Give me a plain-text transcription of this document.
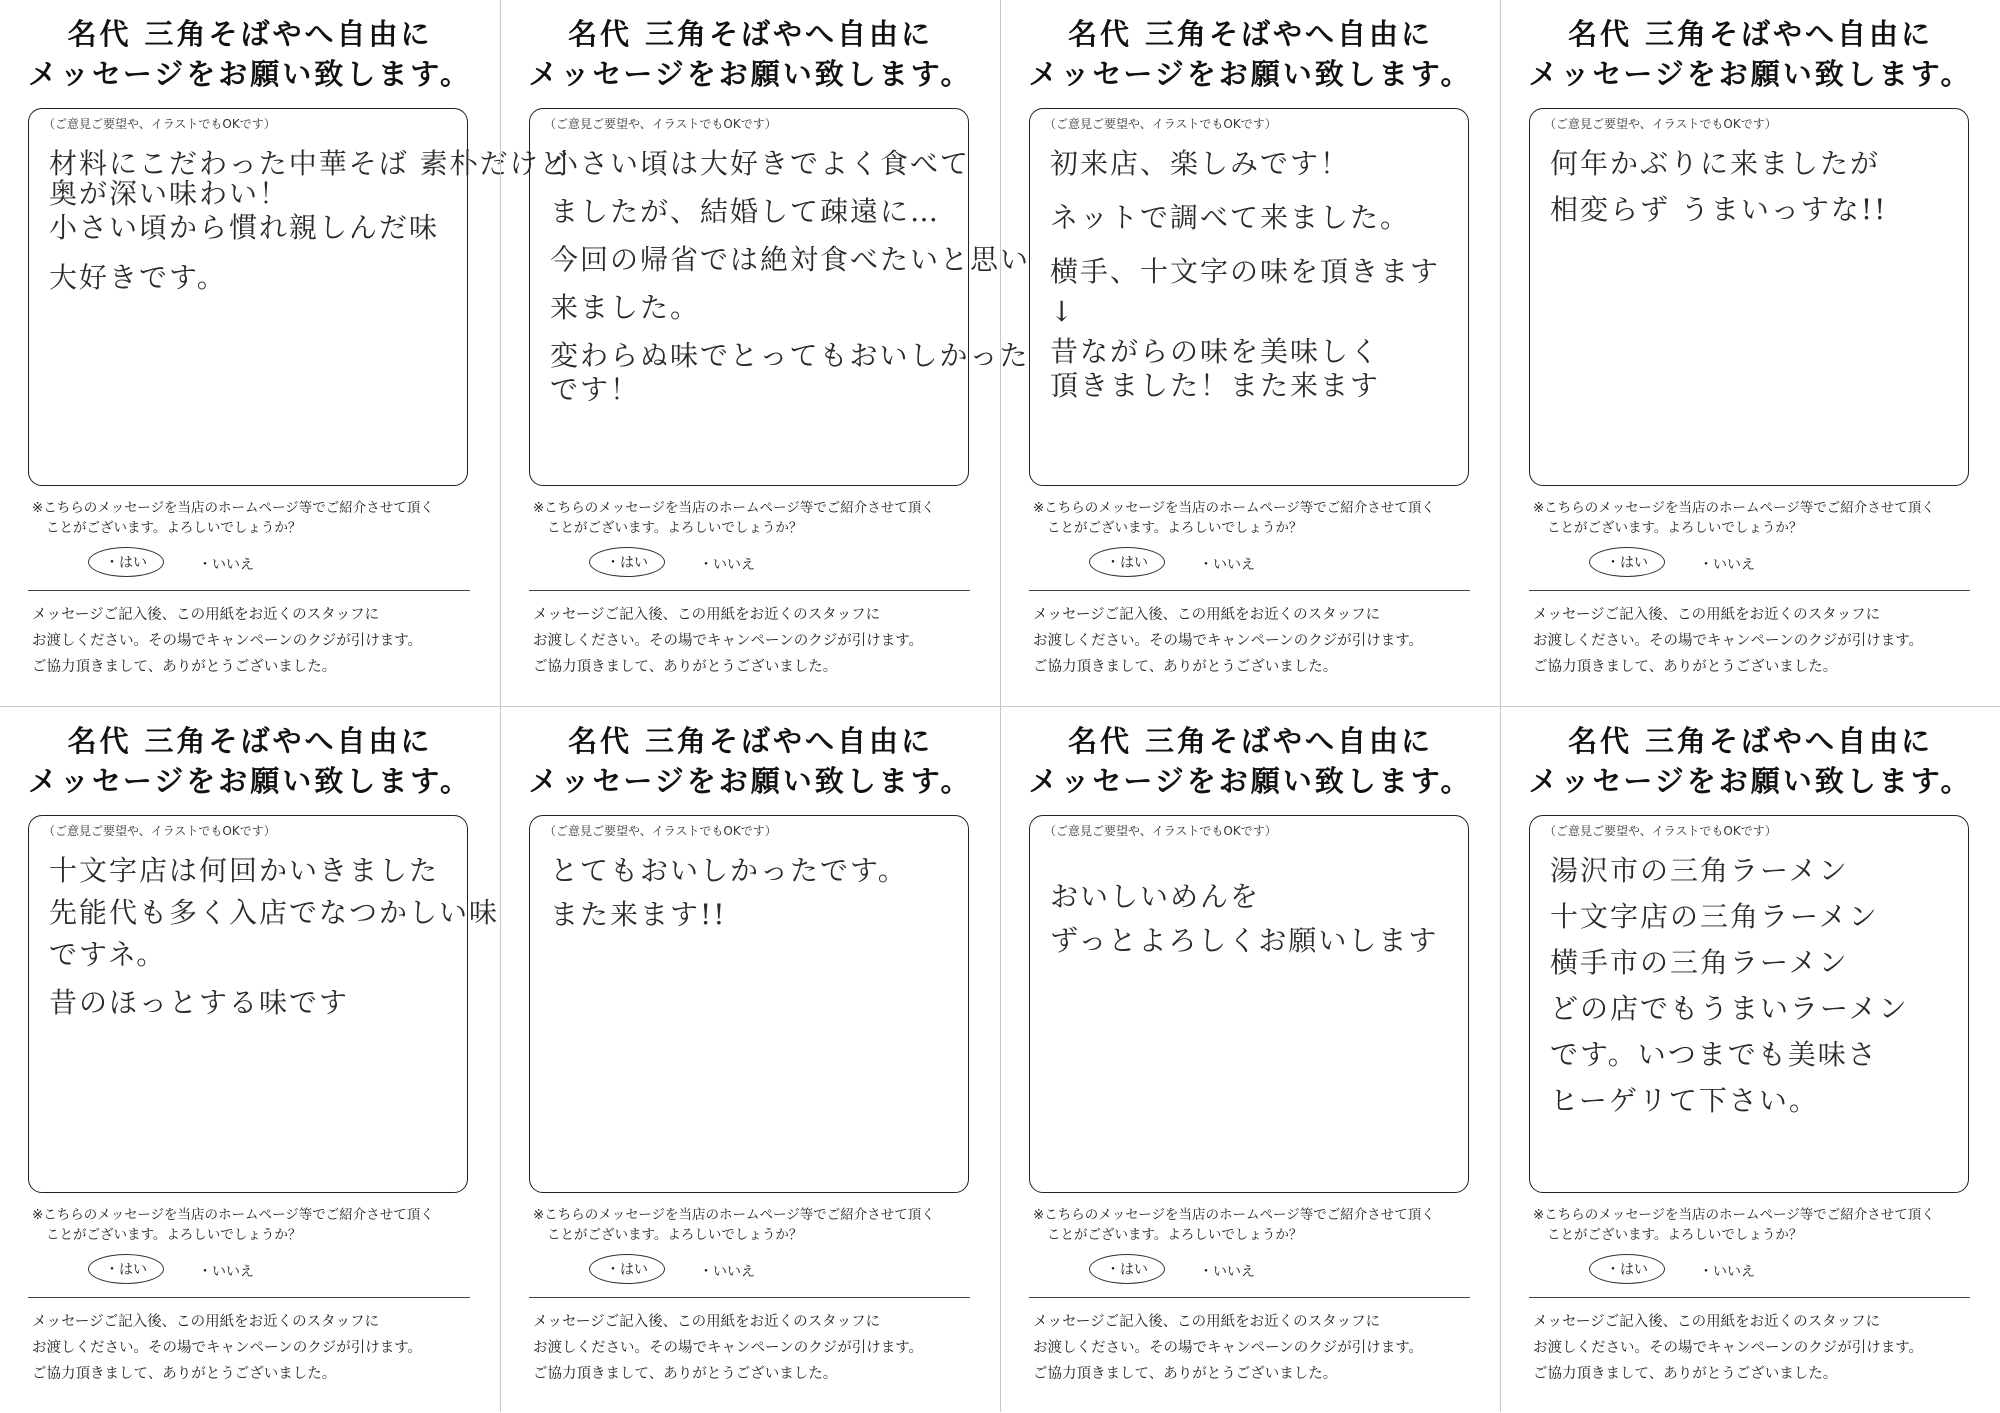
名代 三角そばやへ自由に
メッセージをお願い致します。
（ご意見ご要望や、イラストでもOKです）
材料にこだわった中華そば 素朴だけど
奥が深い味わい！
小さい頃から慣れ親しんだ味
大好きです。
※こちらのメッセージを当店のホームページ等でご紹介させて頂く
ことがございます。よろしいでしょうか？
・はい	・いいえ
メッセージご記入後、この用紙をお近くのスタッフに
お渡しください。その場でキャンペーンのクジが引けます。
ご協力頂きまして、ありがとうございました。
名代 三角そばやへ自由に
メッセージをお願い致します。
（ご意見ご要望や、イラストでもOKです）
小さい頃は大好きでよく食べて
ましたが、結婚して疎遠に…
今回の帰省では絶対食べたいと思い
来ました。
変わらぬ味でとってもおいしかった
です！
※こちらのメッセージを当店のホームページ等でご紹介させて頂く
ことがございます。よろしいでしょうか？
・はい	・いいえ
メッセージご記入後、この用紙をお近くのスタッフに
お渡しください。その場でキャンペーンのクジが引けます。
ご協力頂きまして、ありがとうございました。
名代 三角そばやへ自由に
メッセージをお願い致します。
（ご意見ご要望や、イラストでもOKです）
初来店、楽しみです！
ネットで調べて来ました。
横手、十文字の味を頂きます
↓
昔ながらの味を美味しく
頂きました！また来ます
※こちらのメッセージを当店のホームページ等でご紹介させて頂く
ことがございます。よろしいでしょうか？
・はい	・いいえ
メッセージご記入後、この用紙をお近くのスタッフに
お渡しください。その場でキャンペーンのクジが引けます。
ご協力頂きまして、ありがとうございました。
名代 三角そばやへ自由に
メッセージをお願い致します。
（ご意見ご要望や、イラストでもOKです）
何年かぶりに来ましたが
相変らず うまいっすな!!
※こちらのメッセージを当店のホームページ等でご紹介させて頂く
ことがございます。よろしいでしょうか？
・はい	・いいえ
メッセージご記入後、この用紙をお近くのスタッフに
お渡しください。その場でキャンペーンのクジが引けます。
ご協力頂きまして、ありがとうございました。
名代 三角そばやへ自由に
メッセージをお願い致します。
（ご意見ご要望や、イラストでもOKです）
十文字店は何回かいきました
先能代も多く入店でなつかしい味
ですネ。
昔のほっとする味です
※こちらのメッセージを当店のホームページ等でご紹介させて頂く
ことがございます。よろしいでしょうか？
・はい	・いいえ
メッセージご記入後、この用紙をお近くのスタッフに
お渡しください。その場でキャンペーンのクジが引けます。
ご協力頂きまして、ありがとうございました。
名代 三角そばやへ自由に
メッセージをお願い致します。
（ご意見ご要望や、イラストでもOKです）
とてもおいしかったです。
また来ます!!
※こちらのメッセージを当店のホームページ等でご紹介させて頂く
ことがございます。よろしいでしょうか？
・はい	・いいえ
メッセージご記入後、この用紙をお近くのスタッフに
お渡しください。その場でキャンペーンのクジが引けます。
ご協力頂きまして、ありがとうございました。
名代 三角そばやへ自由に
メッセージをお願い致します。
（ご意見ご要望や、イラストでもOKです）
おいしいめんを
ずっとよろしくお願いします
※こちらのメッセージを当店のホームページ等でご紹介させて頂く
ことがございます。よろしいでしょうか？
・はい	・いいえ
メッセージご記入後、この用紙をお近くのスタッフに
お渡しください。その場でキャンペーンのクジが引けます。
ご協力頂きまして、ありがとうございました。
名代 三角そばやへ自由に
メッセージをお願い致します。
（ご意見ご要望や、イラストでもOKです）
湯沢市の三角ラーメン
十文字店の三角ラーメン
横手市の三角ラーメン
どの店でもうまいラーメン
です。いつまでも美味さ
ヒーゲリて下さい。
※こちらのメッセージを当店のホームページ等でご紹介させて頂く
ことがございます。よろしいでしょうか？
・はい	・いいえ
メッセージご記入後、この用紙をお近くのスタッフに
お渡しください。その場でキャンペーンのクジが引けます。
ご協力頂きまして、ありがとうございました。
